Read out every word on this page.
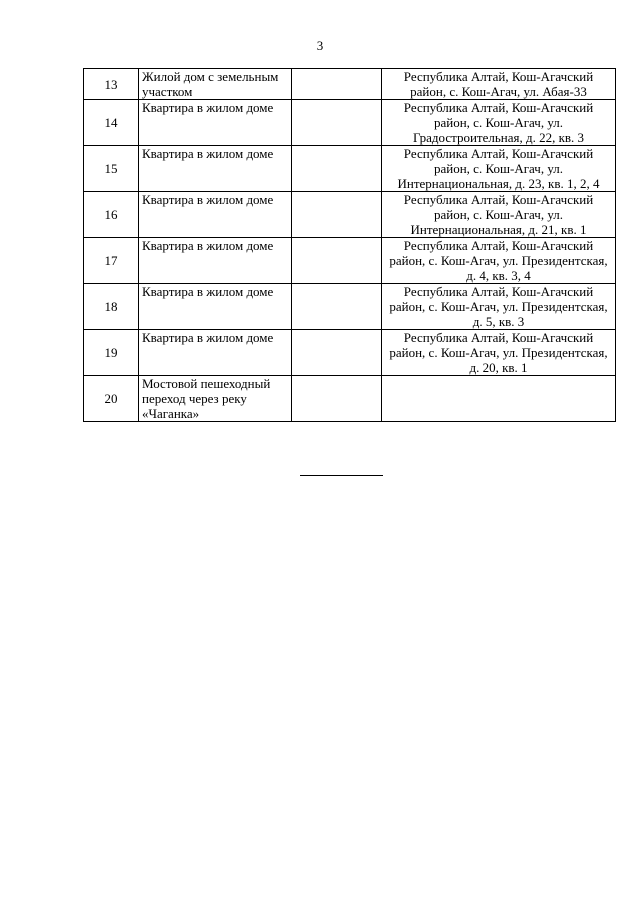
3
13	Жилой дом с земельным участком		Республика Алтай, Кош-Агачский район, с. Кош-Агач, ул. Абая-33
14	Квартира в жилом доме		Республика Алтай, Кош-Агачский район, с. Кош-Агач, ул. Градостроительная, д. 22, кв. 3
15	Квартира в жилом доме		Республика Алтай, Кош-Агачский район, с. Кош-Агач, ул. Интернациональная, д. 23, кв. 1, 2, 4
16	Квартира в жилом доме		Республика Алтай, Кош-Агачский район, с. Кош-Агач, ул. Интернациональная, д. 21, кв. 1
17	Квартира в жилом доме		Республика Алтай, Кош-Агачский район, с. Кош-Агач, ул. Президентская, д. 4, кв. 3, 4
18	Квартира в жилом доме		Республика Алтай, Кош-Агачский район, с. Кош-Агач, ул. Президентская, д. 5, кв. 3
19	Квартира в жилом доме		Республика Алтай, Кош-Агачский район, с. Кош-Агач, ул. Президентская, д. 20, кв. 1
20	Мостовой пешеходный переход через реку «Чаганка»		
